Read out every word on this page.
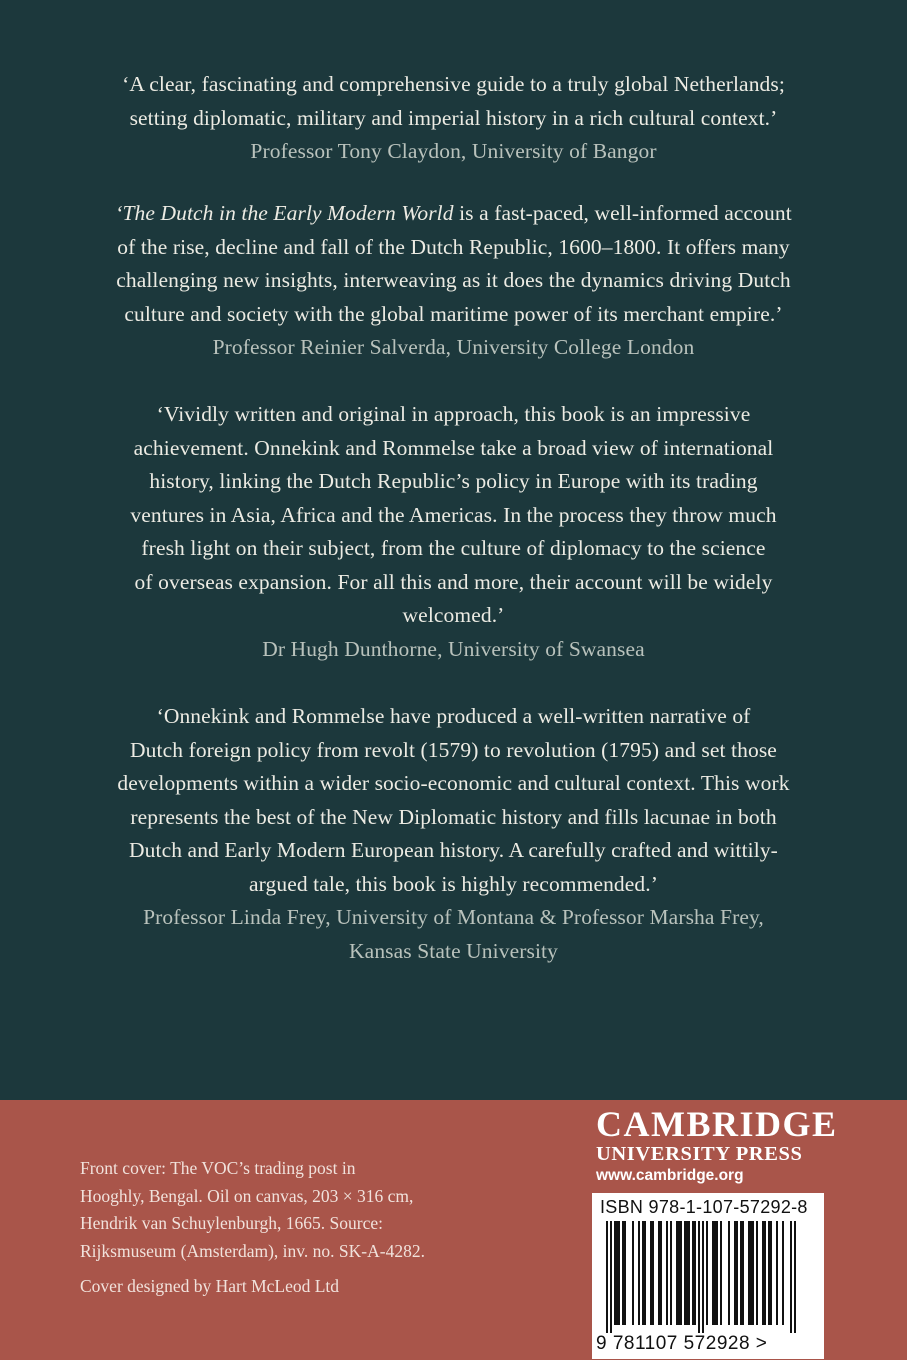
‘A clear, fascinating and comprehensive guide to a truly global Netherlands;
setting diplomatic, military and imperial history in a rich cultural context.’
Professor Tony Claydon, University of Bangor
‘The Dutch in the Early Modern World is a fast-paced, well-informed account
of the rise, decline and fall of the Dutch Republic, 1600–1800. It offers many
challenging new insights, interweaving as it does the dynamics driving Dutch
culture and society with the global maritime power of its merchant empire.’
Professor Reinier Salverda, University College London
‘Vividly written and original in approach, this book is an impressive
achievement. Onnekink and Rommelse take a broad view of international
history, linking the Dutch Republic’s policy in Europe with its trading
ventures in Asia, Africa and the Americas. In the process they throw much
fresh light on their subject, from the culture of diplomacy to the science
of overseas expansion. For all this and more, their account will be widely
welcomed.’
Dr Hugh Dunthorne, University of Swansea
‘Onnekink and Rommelse have produced a well-written narrative of
Dutch foreign policy from revolt (1579) to revolution (1795) and set those
developments within a wider socio-economic and cultural context. This work
represents the best of the New Diplomatic history and fills lacunae in both
Dutch and Early Modern European history. A carefully crafted and wittily-
argued tale, this book is highly recommended.’
Professor Linda Frey, University of Montana & Professor Marsha Frey,
Kansas State University
Front cover: The VOC’s trading post in
Hooghly, Bengal. Oil on canvas, 203 × 316 cm,
Hendrik van Schuylenburgh, 1665. Source:
Rijksmuseum (Amsterdam), inv. no. SK-A-4282.
Cover designed by Hart McLeod Ltd
CAMBRIDGE
UNIVERSITY PRESS
www.cambridge.org
ISBN 978-1-107-57292-8
9 781107 572928 >
